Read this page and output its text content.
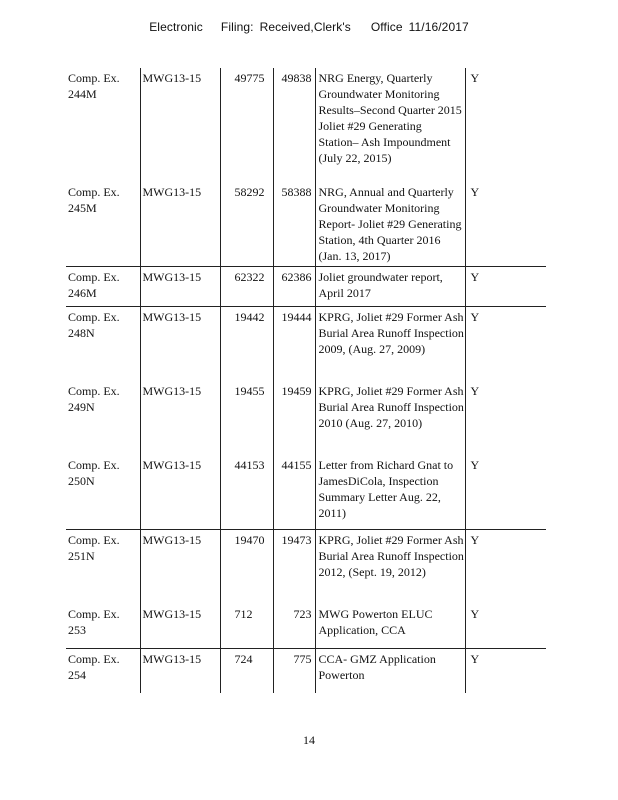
Electronic Filing: Received,Clerk's Office 11/16/2017
Comp. Ex.
244M	MWG13-15	49775	49838	NRG Energy, Quarterly Groundwater Monitoring Results–Second Quarter 2015 Joliet #29 Generating Station– Ash Impoundment (July 22, 2015)	Y
Comp. Ex.
245M	MWG13-15	58292	58388	NRG, Annual and Quarterly Groundwater Monitoring Report- Joliet #29 Generating Station, 4th Quarter 2016 (Jan. 13, 2017)	Y
Comp. Ex.
246M	MWG13-15	62322	62386	Joliet groundwater report, April 2017	Y
Comp. Ex.
248N	MWG13-15	19442	19444	KPRG, Joliet #29 Former Ash Burial Area Runoff Inspection 2009, (Aug. 27, 2009)	Y
Comp. Ex.
249N	MWG13-15	19455	19459	KPRG, Joliet #29 Former Ash Burial Area Runoff Inspection 2010 (Aug. 27, 2010)	Y
Comp. Ex.
250N	MWG13-15	44153	44155	Letter from Richard Gnat to JamesDiCola, Inspection Summary Letter Aug. 22, 2011)	Y
Comp. Ex.
251N	MWG13-15	19470	19473	KPRG, Joliet #29 Former Ash Burial Area Runoff Inspection 2012, (Sept. 19, 2012)	Y
Comp. Ex.
253	MWG13-15	712	723	MWG Powerton ELUC Application, CCA	Y
Comp. Ex.
254	MWG13-15	724	775	CCA- GMZ Application Powerton	Y
14
